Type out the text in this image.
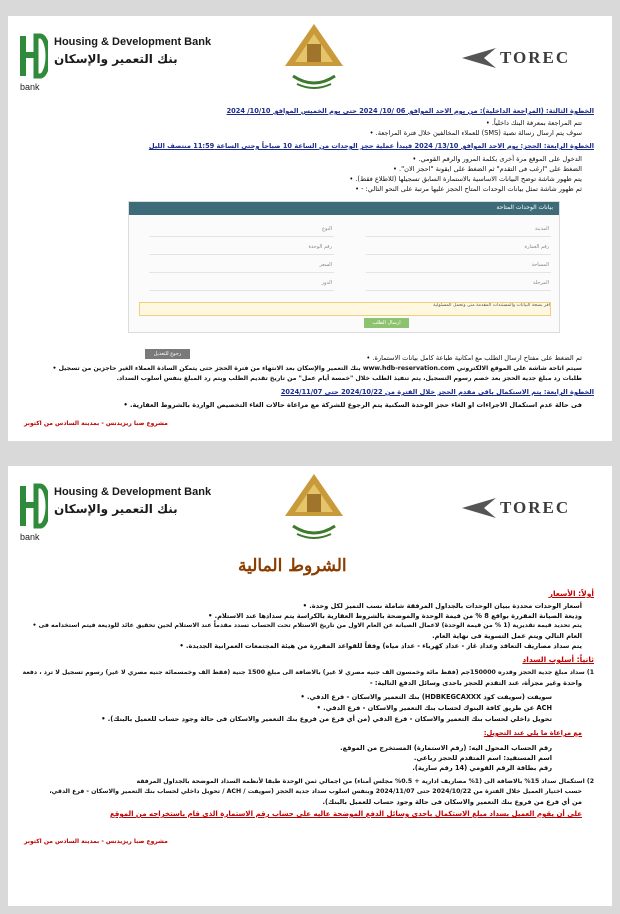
Housing & Development Bank
بنك التعمير والإسكان
bank
TOREC
الخطوة الثالثة: (المراجعة الداخلية): من يوم الاحد الموافق 06 /10/ 2024 حتى يوم الخميس الموافق 10/10/ 2024
تتم المراجعة بمعرفة البنك داخلياً. •
سوف يتم ارسال رسالة نصية (SMS) للعملاء المخالفين خلال فترة المراجعة. •
الخطوة الرابعة: الحجز: يوم الاحد الموافق 13/10/ 2024 فيبدأ عملية حجز الوحدات من الساعة 10 صباحاً وحتى الساعة 11:59 منتصف الليل
الدخول على الموقع مرة أخرى بكلمة المرور والرقم القومي. •
الضغط على "ارغب فى التقدم" ثم الضغط على ايقونة "احجز الان". •
يتم ظهور شاشة توضح البيانات الاساسية بالاستمارة السابق تسجيلها (للاطلاع فقط). •
ثم ظهور شاشة تمثل بيانات الوحدات المتاح الحجز عليها مرتبة على النحو التالي: - •
بيانات الوحدات المتاحة
المدينة
رقم العمارة
المساحة
المرحلة
النوع
رقم الوحدة
السعر
الدور
اقر بصحة البيانات والمستندات المقدمة منى وتحمل المسئولية
ارسال الطلب
رجوع للتعديل	ثم الضغط على مفتاح ارسال الطلب مع امكانية طباعة كامل بيانات الاستمارة. •
سيتم اتاحة شاشة على الموقع الالكتروني www.hdb-reservation.com بنك التعمير والإسكان بعد الانتهاء من فترة الحجز حتى يتمكن السادة العملاء الغير حاجزين من تسجيل •
طلبات رد مبلغ جدية الحجز بعد خصم رسوم التسجيل، يتم تنفيذ الطلب خلال "خمسة أيام عمل" من تاريخ تقديم الطلب ويتم رد المبلغ بنفس أسلوب السداد.
الخطوة الرابعة: يتم الاستكمال باقى مقدم الحجز خلال الفترة من 2024/10/22 حتى 2024/11/07
فى حالة عدم استكمال الاجراءات او الغاء حجز الوحدة السكنية يتم الرجوع للشركة مع مراعاة حالات الغاء التخصيص الواردة بالشروط العقارية. •
مشروع صبا ريزيدنس - بمدينة السادس من اكتوبر
Housing & Development Bank
بنك التعمير والإسكان
bank
TOREC
الشروط المالية
أولاً: الأسعار
أسعار الوحدات محددة ببيان الوحدات بالجداول المرفقة شاملة نسب التميز لكل وحدة. •
وديعة الصيانة المقررة بواقع 8 % من قيمة الوحدة والموضحة بالشروط العقارية بالكراسة يتم سدادها عند الاستلام. •
يتم تحديد قيمة تقديرية (1 % من قيمة الوحدة) لاعمال الصيانة عن العام الاول من تاريخ الاستلام تحت الحساب تسدد مقدماً عند الاستلام لحين تحقيق عائد للوديعة فيتم استخدامه فى •
العام التالي ويتم عمل التسوية فى نهاية العام.
يتم سداد مصاريف التعاقد وعداد غاز - عداد كهرباء - عداد مياه) وفقاً للقواعد المقررة من هيئة المجتمعات العمرانية الجديدة. •
ثانياً: أسلوب السداد
1) سداد مبلغ جدية الحجز وقدره 150000جم (فقط مائة وخمسون الف جنيه مصري لا غير) بالاضافة الى مبلغ 1500 جنية (فقط الف وخمسمائة جنيه مصري لا غير) رسوم تسجيل لا ترد ، دفعة
واحدة وغير مجزأة، عند التقدم للحجز باحدى وسائل الدفع التالية: -
سويفت (سويفت كود HDBKEGCAXXX) بنك التعمير والاسكان - فرع الدقي. •
ACH عن طريق كافة البنوك لحساب بنك التعمير والاسكان - فرع الدقي. •
تحويل داخلي لحساب بنك التعمير والاسكان - فرع الدقي (من أي فرع من فروع بنك التعمير والاسكان فى حالة وجود حساب للعميل بالبنك). •
مع مراعاة ما يلى عند التحويل:
رقم الحساب المحول اليه: (رقم الاستمارة) المستخرج من الموقع.
اسم المستفيد: اسم المتقدم للحجز رباعي.
رقم بطاقة الرقم القومي (14 رقم سارية).
2) استكمال سداد 15% بالاضافة الى (1% مصاريف ادارية + 0.5% مجلس أمناء) من اجمالي ثمن الوحدة طبقا لأنظمة السداد الموضحة بالجداول المرفقة
حسب اختيار العميل خلال الفترة من 2024/10/22 حتى 2024/11/07 وبنفس اسلوب سداد جدية الحجز (سويفت / ACH / تحويل داخلي لحساب بنك التعمير والاسكان - فرع الدقي،
من أي فرع من فروع بنك التعمير والاسكان فى حالة وجود حساب للعميل بالبنك).
على أن يقوم العميل بسداد مبلغ الاستكمال باحدى وسائل الدفع الموضحة عاليه على حساب رقم الاستمارة الذى قام باستخراجه من الموقع
مشروع صبا ريزيدنس - بمدينة السادس من اكتوبر
